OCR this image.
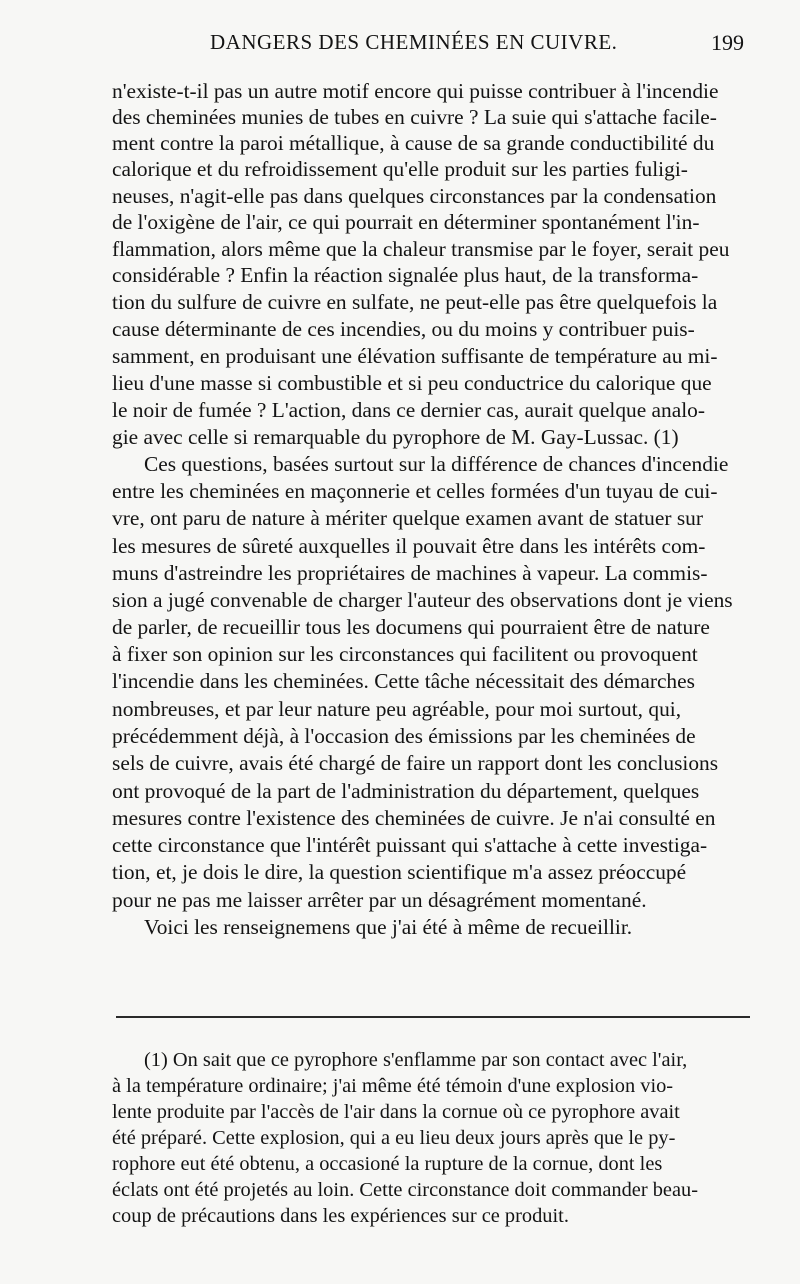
DANGERS DES CHEMINÉES EN CUIVRE.	199
n'existe-t-il pas un autre motif encore qui puisse contribuer à l'incendie
des cheminées munies de tubes en cuivre ? La suie qui s'attache facile-
ment contre la paroi métallique, à cause de sa grande conductibilité du
calorique et du refroidissement qu'elle produit sur les parties fuligi-
neuses, n'agit-elle pas dans quelques circonstances par la condensation
de l'oxigène de l'air, ce qui pourrait en déterminer spontanément l'in-
flammation, alors même que la chaleur transmise par le foyer, serait peu
considérable ? Enfin la réaction signalée plus haut, de la transforma-
tion du sulfure de cuivre en sulfate, ne peut-elle pas être quelquefois la
cause déterminante de ces incendies, ou du moins y contribuer puis-
samment, en produisant une élévation suffisante de température au mi-
lieu d'une masse si combustible et si peu conductrice du calorique que
le noir de fumée ? L'action, dans ce dernier cas, aurait quelque analo-
gie avec celle si remarquable du pyrophore de M. Gay-Lussac. (1)
Ces questions, basées surtout sur la différence de chances d'incendie
entre les cheminées en maçonnerie et celles formées d'un tuyau de cui-
vre, ont paru de nature à mériter quelque examen avant de statuer sur
les mesures de sûreté auxquelles il pouvait être dans les intérêts com-
muns d'astreindre les propriétaires de machines à vapeur. La commis-
sion a jugé convenable de charger l'auteur des observations dont je viens
de parler, de recueillir tous les documens qui pourraient être de nature
à fixer son opinion sur les circonstances qui facilitent ou provoquent
l'incendie dans les cheminées. Cette tâche nécessitait des démarches
nombreuses, et par leur nature peu agréable, pour moi surtout, qui,
précédemment déjà, à l'occasion des émissions par les cheminées de
sels de cuivre, avais été chargé de faire un rapport dont les conclusions
ont provoqué de la part de l'administration du département, quelques
mesures contre l'existence des cheminées de cuivre. Je n'ai consulté en
cette circonstance que l'intérêt puissant qui s'attache à cette investiga-
tion, et, je dois le dire, la question scientifique m'a assez préoccupé
pour ne pas me laisser arrêter par un désagrément momentané.
Voici les renseignemens que j'ai été à même de recueillir.
(1) On sait que ce pyrophore s'enflamme par son contact avec l'air,
à la température ordinaire; j'ai même été témoin d'une explosion vio-
lente produite par l'accès de l'air dans la cornue où ce pyrophore avait
été préparé. Cette explosion, qui a eu lieu deux jours après que le py-
rophore eut été obtenu, a occasioné la rupture de la cornue, dont les
éclats ont été projetés au loin. Cette circonstance doit commander beau-
coup de précautions dans les expériences sur ce produit.
